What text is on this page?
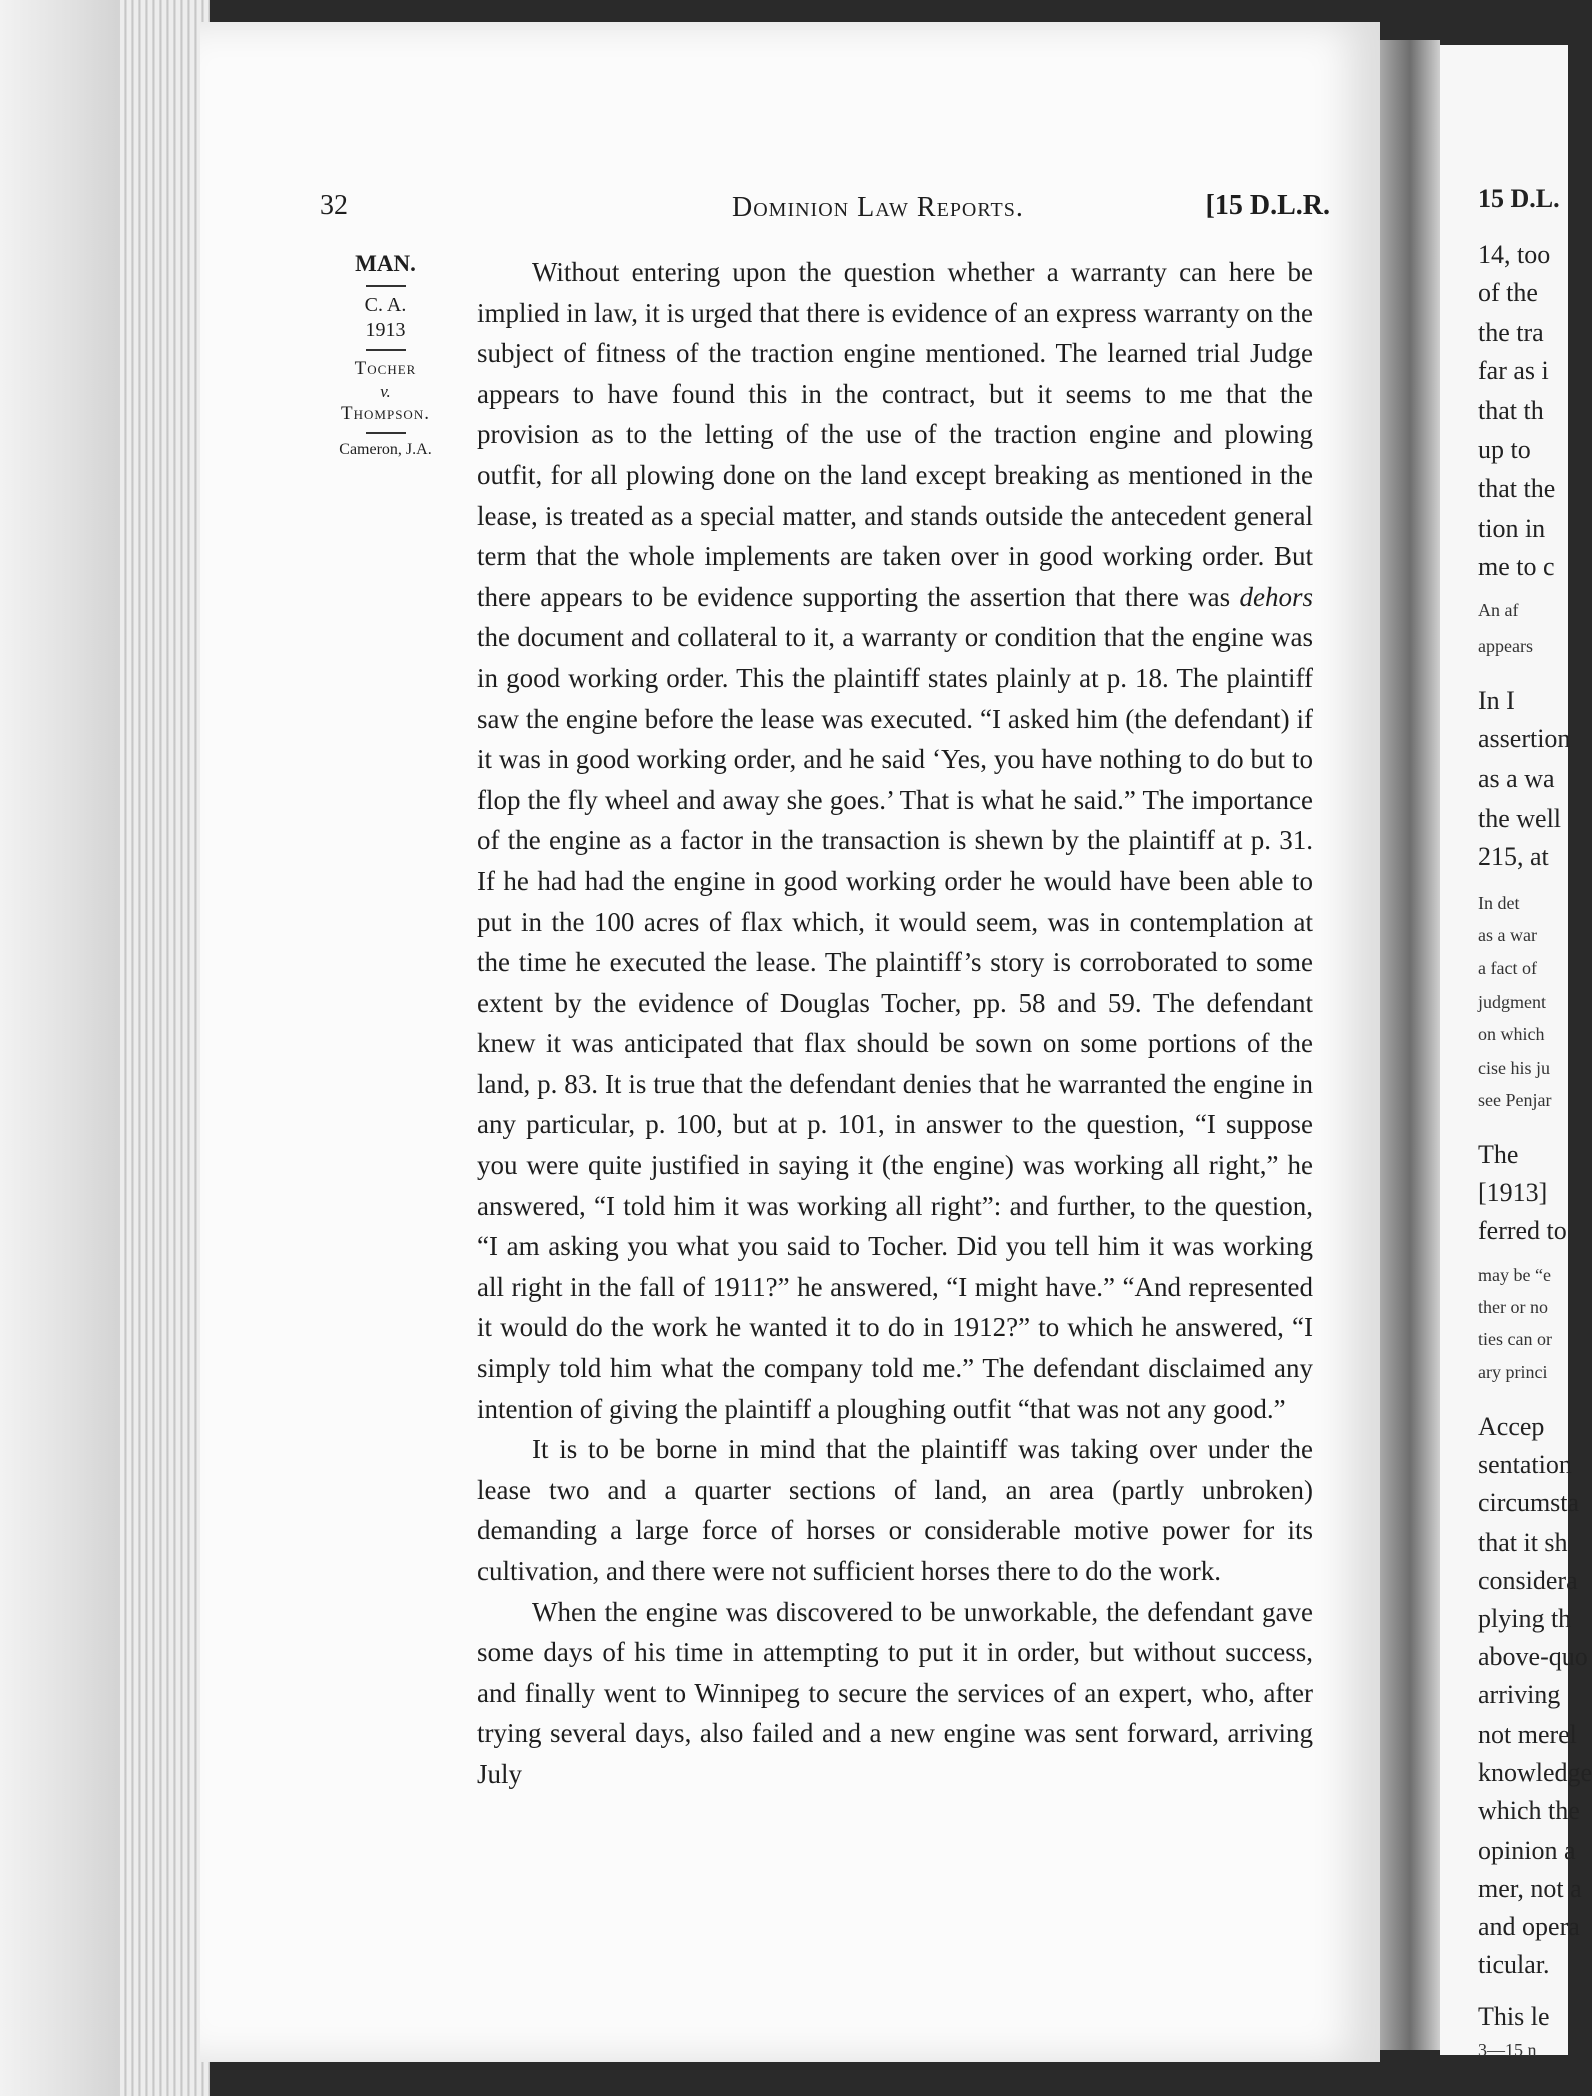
15 D.L.
14, too
of the
the tra
far as i
that th
up to
that the
tion in
me to c
An af
appears
In I
assertion
as a wa
the well
215, at
In det
as a war
a fact of
judgment
on which
cise his ju
see Penjar
The
[1913]
ferred to
may be “e
ther or no
ties can or
ary princi
Accep
sentation
circumsta
that it sh
considera
plying th
above-quo
arriving
not merel
knowledge
which the
opinion a
mer, not a
and opera
ticular.
This le
3—15 n
32	Dominion Law Reports.	[15 D.L.R.
MAN.
C. A.
1913
Tocher
v.
Thompson.
Cameron, J.A.

Without entering upon the question whether a warranty can here be implied in law, it is urged that there is evidence of an express warranty on the subject of fitness of the traction engine mentioned. The learned trial Judge appears to have found this in the contract, but it seems to me that the provision as to the letting of the use of the traction engine and plowing outfit, for all plowing done on the land except breaking as mentioned in the lease, is treated as a special matter, and stands outside the antecedent general term that the whole implements are taken over in good working order. But there appears to be evidence supporting the assertion that there was dehors the document and collateral to it, a warranty or condition that the engine was in good working order. This the plaintiff states plainly at p. 18. The plaintiff saw the engine before the lease was executed. “I asked him (the defendant) if it was in good working order, and he said ‘Yes, you have nothing to do but to flop the fly wheel and away she goes.’ That is what he said.” The importance of the engine as a factor in the transaction is shewn by the plaintiff at p. 31. If he had had the engine in good working order he would have been able to put in the 100 acres of flax which, it would seem, was in contemplation at the time he executed the lease. The plaintiff’s story is corroborated to some extent by the evidence of Douglas Tocher, pp. 58 and 59. The defendant knew it was anticipated that flax should be sown on some portions of the land, p. 83. It is true that the defendant denies that he warranted the engine in any particular, p. 100, but at p. 101, in answer to the question, “I suppose you were quite justified in saying it (the engine) was working all right,” he answered, “I told him it was working all right”: and further, to the question, “I am asking you what you said to Tocher. Did you tell him it was working all right in the fall of 1911?” he answered, “I might have.” “And represented it would do the work he wanted it to do in 1912?” to which he answered, “I simply told him what the company told me.” The defendant disclaimed any intention of giving the plaintiff a ploughing outfit “that was not any good.”

It is to be borne in mind that the plaintiff was taking over under the lease two and a quarter sections of land, an area (partly unbroken) demanding a large force of horses or considerable motive power for its cultivation, and there were not sufficient horses there to do the work.

When the engine was discovered to be unworkable, the defendant gave some days of his time in attempting to put it in order, but without success, and finally went to Winnipeg to secure the services of an expert, who, after trying several days, also failed and a new engine was sent forward, arriving July
